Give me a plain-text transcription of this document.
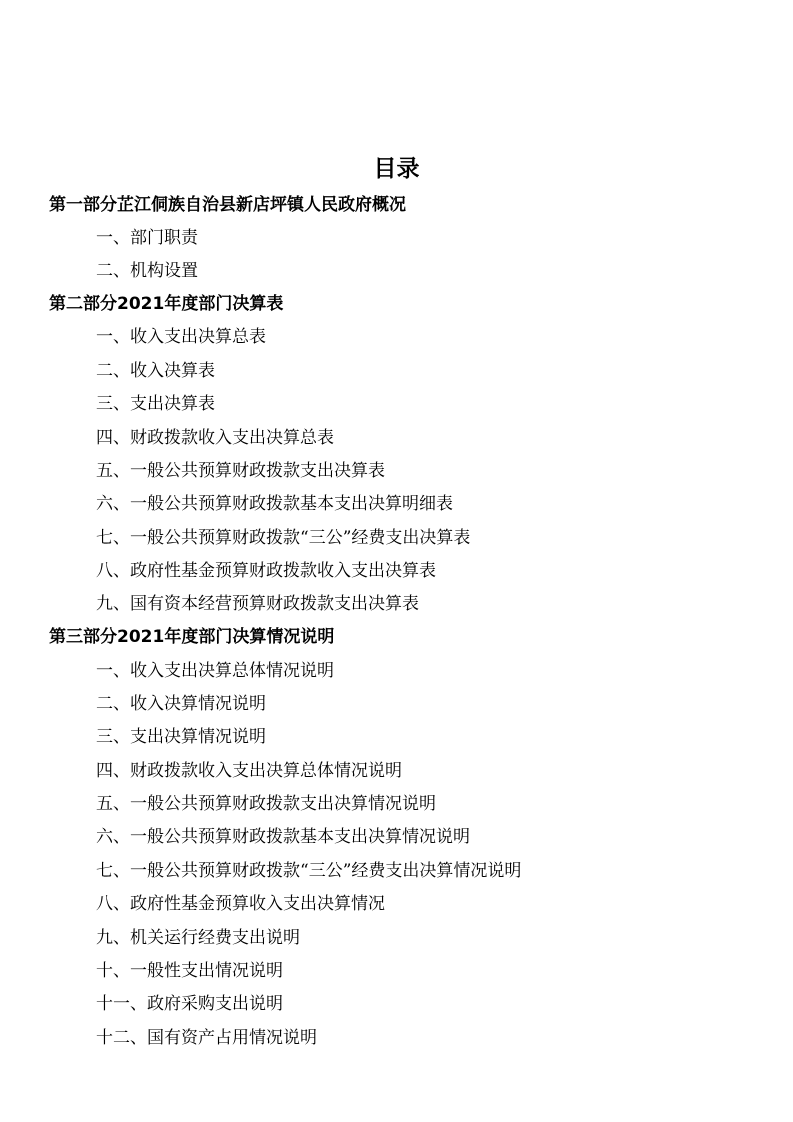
目录
第一部分芷江侗族自治县新店坪镇人民政府概况
一、部门职责
二、机构设置
第二部分2021年度部门决算表
一、收入支出决算总表
二、收入决算表
三、支出决算表
四、财政拨款收入支出决算总表
五、一般公共预算财政拨款支出决算表
六、一般公共预算财政拨款基本支出决算明细表
七、一般公共预算财政拨款“三公”经费支出决算表
八、政府性基金预算财政拨款收入支出决算表
九、国有资本经营预算财政拨款支出决算表
第三部分2021年度部门决算情况说明
一、收入支出决算总体情况说明
二、收入决算情况说明
三、支出决算情况说明
四、财政拨款收入支出决算总体情况说明
五、一般公共预算财政拨款支出决算情况说明
六、一般公共预算财政拨款基本支出决算情况说明
七、一般公共预算财政拨款“三公”经费支出决算情况说明
八、政府性基金预算收入支出决算情况
九、机关运行经费支出说明
十、一般性支出情况说明
十一、政府采购支出说明
十二、国有资产占用情况说明
